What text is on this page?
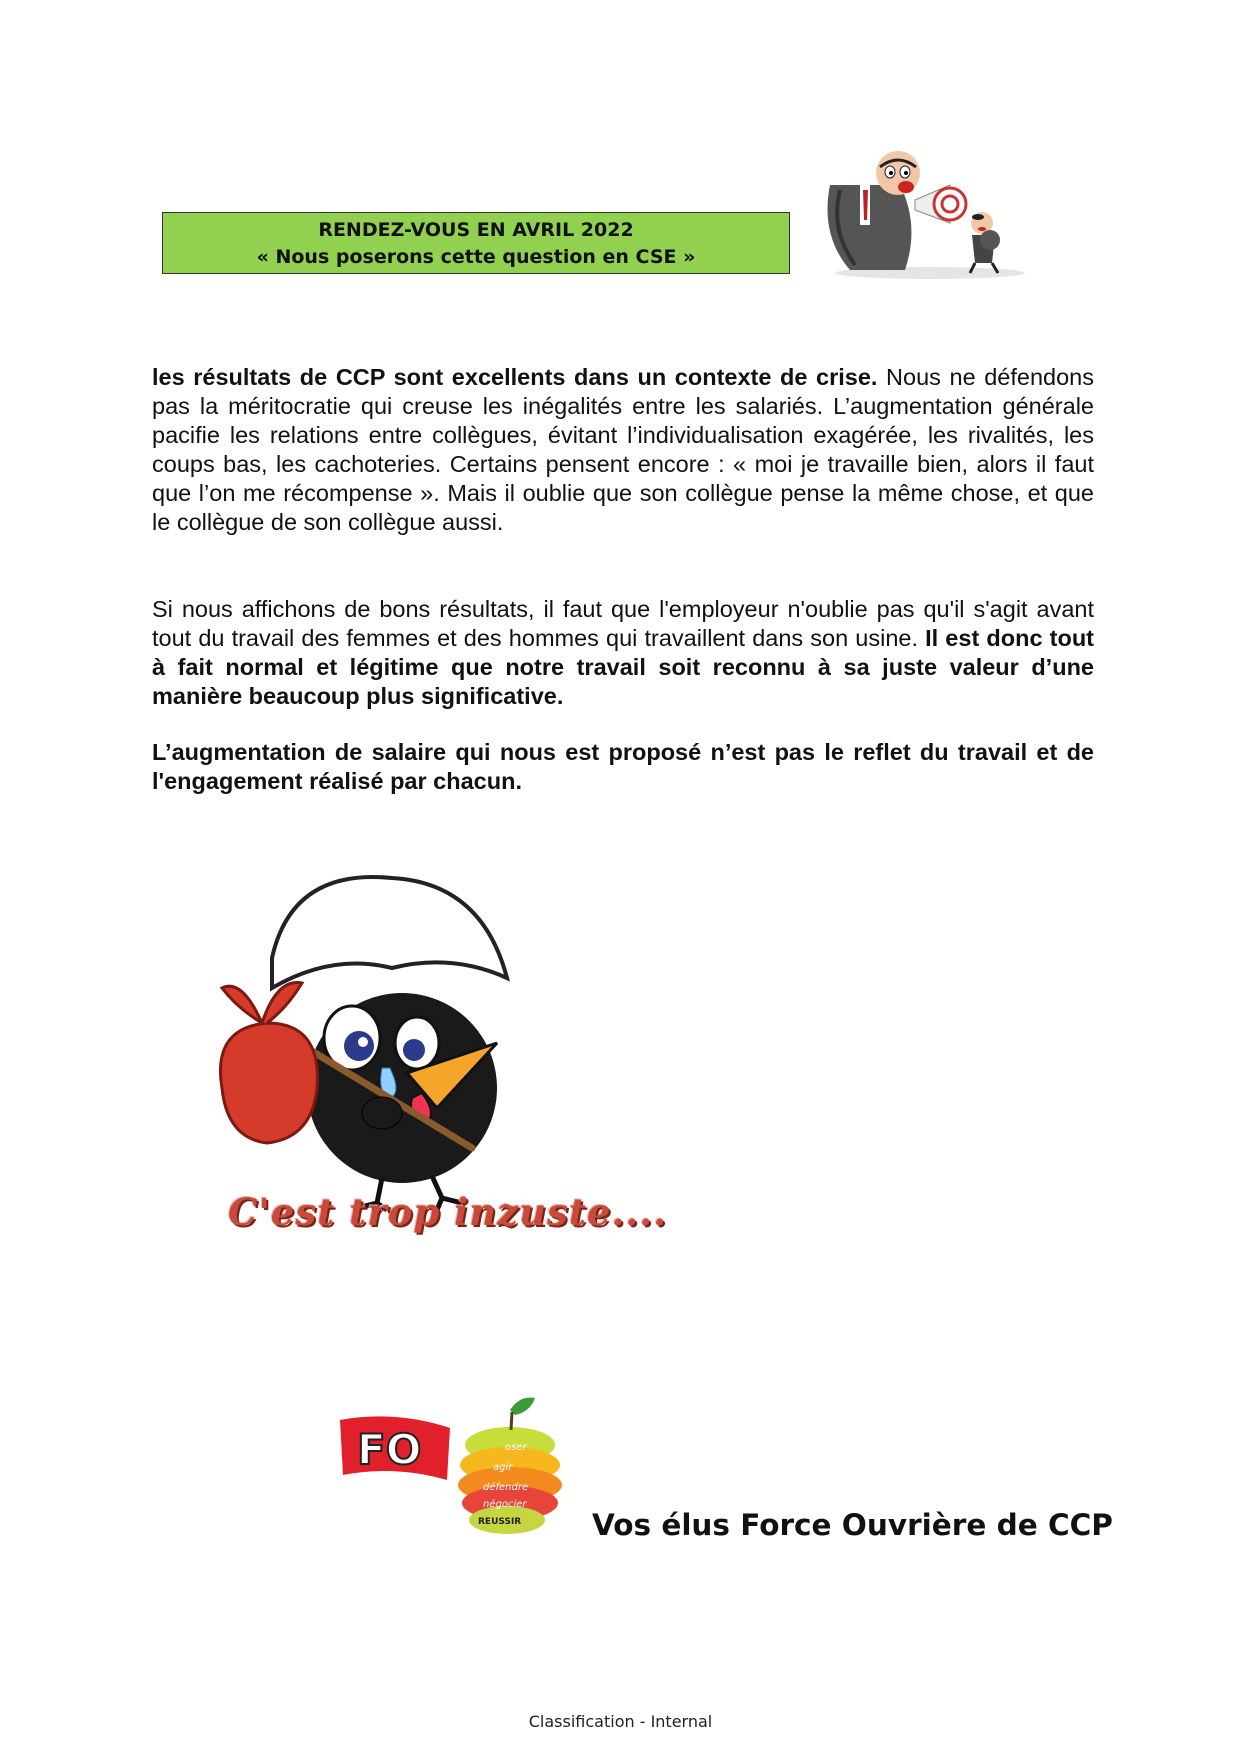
RENDEZ-VOUS EN AVRIL 2022
« Nous poserons cette question en CSE »

les résultats de CCP sont excellents dans un contexte de crise. Nous ne défendons pas la méritocratie qui creuse les inégalités entre les salariés. L’augmentation générale pacifie les relations entre collègues, évitant l’individualisation exagérée, les rivalités, les coups bas, les cachoteries. Certains pensent encore : « moi je travaille bien, alors il faut que l’on me récompense ». Mais il oublie que son collègue pense la même chose, et que le collègue de son collègue aussi.

Si nous affichons de bons résultats, il faut que l'employeur n'oublie pas qu'il s'agit avant tout du travail des femmes et des hommes qui travaillent dans son usine. Il est donc tout à fait normal et légitime que notre travail soit reconnu à sa juste valeur d’une manière beaucoup plus significative.

L’augmentation de salaire qui nous est proposé n’est pas le reflet du travail et de l'engagement réalisé par chacun.

Petitemimine
C'est trop inzuste....
FO	oser
agir
défendre
négocier
REUSSIR Vos élus Force Ouvrière de CCP
Classification - Internal
